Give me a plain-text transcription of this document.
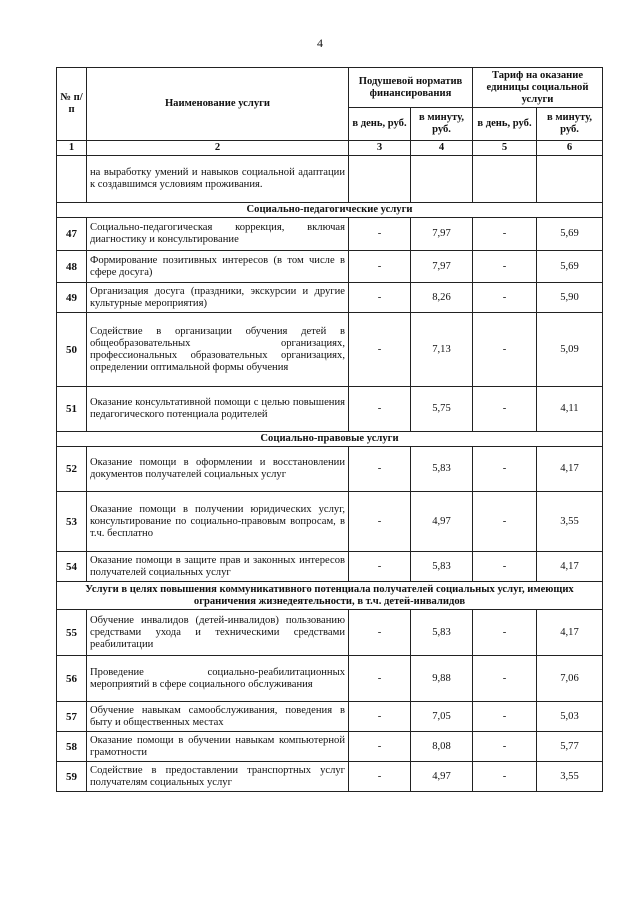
4
№ п/п	Наименование услуги	Подушевой норматив финансирования		Тариф на оказание единицы социальной услуги	
		в день, руб.	в минуту, руб.	в день, руб.	в минуту, руб.
1	2	3	4	5	6
	на выработку умений и навыков социальной адаптации к создавшимся условиям проживания.				
Социально-педагогические услуги					
47	Социально-педагогическая коррекция, включая диагностику и консультирование	-	7,97	-	5,69
48	Формирование позитивных интересов (в том числе в сфере досуга)	-	7,97	-	5,69
49	Организация досуга (праздники, экскурсии и другие культурные мероприятия)	-	8,26	-	5,90
50	Содействие в организации обучения детей в общеобразовательных организациях, профессиональных образовательных организациях, определении оптимальной формы обучения	-	7,13	-	5,09
51	Оказание консультативной помощи с целью повышения педагогического потенциала родителей	-	5,75	-	4,11
Социально-правовые услуги					
52	Оказание помощи в оформлении и восстановлении документов получателей социальных услуг	-	5,83	-	4,17
53	Оказание помощи в получении юридических услуг, консультирование по социально-правовым вопросам, в т.ч. бесплатно	-	4,97	-	3,55
54	Оказание помощи в защите прав и законных интересов получателей социальных услуг	-	5,83	-	4,17
Услуги в целях повышения коммуникативного потенциала получателей социальных услуг, имеющих ограничения жизнедеятельности, в т.ч. детей-инвалидов					
55	Обучение инвалидов (детей-инвалидов) пользованию средствами ухода и техническими средствами реабилитации	-	5,83	-	4,17
56	Проведение социально-реабилитационных мероприятий в сфере социального обслуживания	-	9,88	-	7,06
57	Обучение навыкам самообслуживания, поведения в быту и общественных местах	-	7,05	-	5,03
58	Оказание помощи в обучении навыкам компьютерной грамотности	-	8,08	-	5,77
59	Содействие в предоставлении транспортных услуг получателям социальных услуг	-	4,97	-	3,55
